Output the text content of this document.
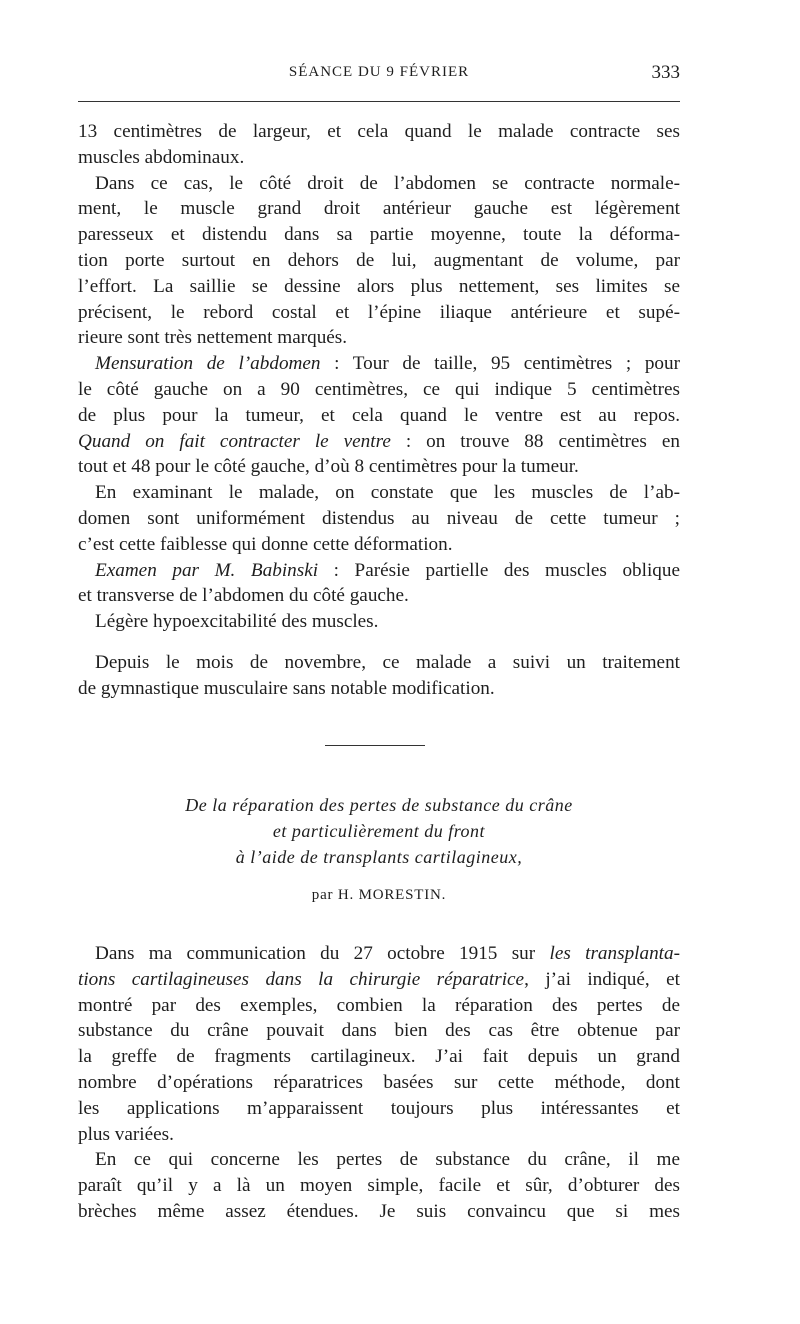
SÉANCE DU 9 FÉVRIER	333

13 centimètres de largeur, et cela quand le malade contracte ses
muscles abdominaux.

Dans ce cas, le côté droit de l’abdomen se contracte normale-
ment, le muscle grand droit antérieur gauche est légèrement
paresseux et distendu dans sa partie moyenne, toute la déforma-
tion porte surtout en dehors de lui, augmentant de volume, par
l’effort. La saillie se dessine alors plus nettement, ses limites se
précisent, le rebord costal et l’épine iliaque antérieure et supé-
rieure sont très nettement marqués.

Mensuration de l’abdomen : Tour de taille, 95 centimètres ; pour
le côté gauche on a 90 centimètres, ce qui indique 5 centimètres
de plus pour la tumeur, et cela quand le ventre est au repos.
Quand on fait contracter le ventre : on trouve 88 centimètres en
tout et 48 pour le côté gauche, d’où 8 centimètres pour la tumeur.

En examinant le malade, on constate que les muscles de l’ab-
domen sont uniformément distendus au niveau de cette tumeur ;
c’est cette faiblesse qui donne cette déformation.

Examen par M. Babinski : Parésie partielle des muscles oblique
et transverse de l’abdomen du côté gauche.

Légère hypoexcitabilité des muscles.

Depuis le mois de novembre, ce malade a suivi un traitement
de gymnastique musculaire sans notable modification.

De la réparation des pertes de substance du crâne
et particulièrement du front
à l’aide de transplants cartilagineux,
par H. MORESTIN.

Dans ma communication du 27 octobre 1915 sur les transplanta-
tions cartilagineuses dans la chirurgie réparatrice, j’ai indiqué, et
montré par des exemples, combien la réparation des pertes de
substance du crâne pouvait dans bien des cas être obtenue par
la greffe de fragments cartilagineux. J’ai fait depuis un grand
nombre d’opérations réparatrices basées sur cette méthode, dont
les applications m’apparaissent toujours plus intéressantes et
plus variées.

En ce qui concerne les pertes de substance du crâne, il me
paraît qu’il y a là un moyen simple, facile et sûr, d’obturer des
brèches même assez étendues. Je suis convaincu que si mes
